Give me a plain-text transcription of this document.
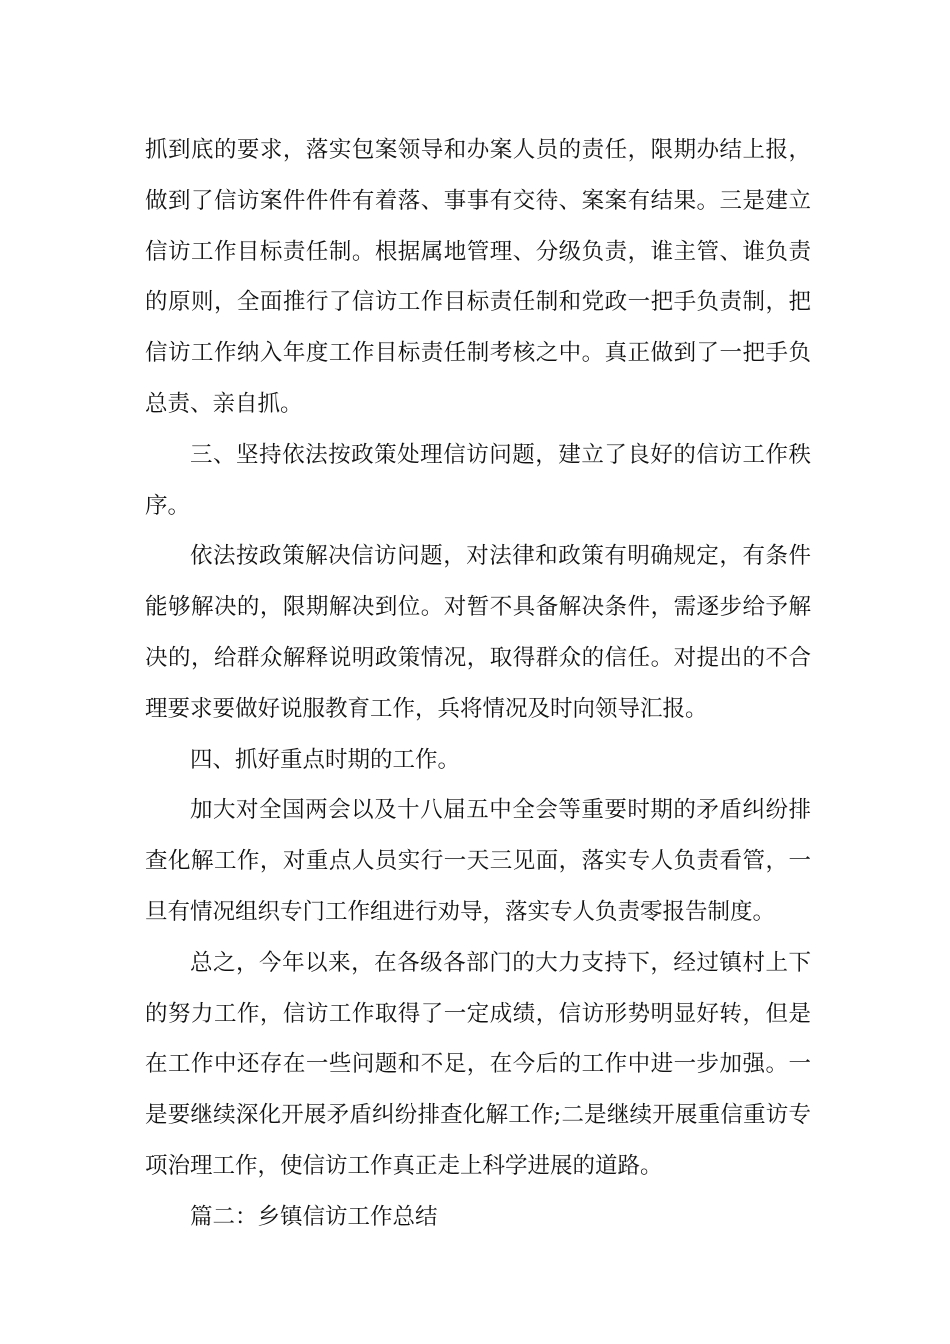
抓到底的要求，落实包案领导和办案人员的责任，限期办结上报，做到了信访案件件件有着落、事事有交待、案案有结果。三是建立信访工作目标责任制。根据属地管理、分级负责，谁主管、谁负责的原则，全面推行了信访工作目标责任制和党政一把手负责制，把信访工作纳入年度工作目标责任制考核之中。真正做到了一把手负总责、亲自抓。

三、坚持依法按政策处理信访问题，建立了良好的信访工作秩序。

依法按政策解决信访问题，对法律和政策有明确规定，有条件能够解决的，限期解决到位。对暂不具备解决条件，需逐步给予解决的，给群众解释说明政策情况，取得群众的信任。对提出的不合理要求要做好说服教育工作，兵将情况及时向领导汇报。

四、抓好重点时期的工作。

加大对全国两会以及十八届五中全会等重要时期的矛盾纠纷排查化解工作，对重点人员实行一天三见面，落实专人负责看管，一旦有情况组织专门工作组进行劝导，落实专人负责零报告制度。

总之，今年以来，在各级各部门的大力支持下，经过镇村上下的努力工作，信访工作取得了一定成绩，信访形势明显好转，但是在工作中还存在一些问题和不足，在今后的工作中进一步加强。一是要继续深化开展矛盾纠纷排查化解工作;二是继续开展重信重访专项治理工作，使信访工作真正走上科学进展的道路。

篇二：乡镇信访工作总结
